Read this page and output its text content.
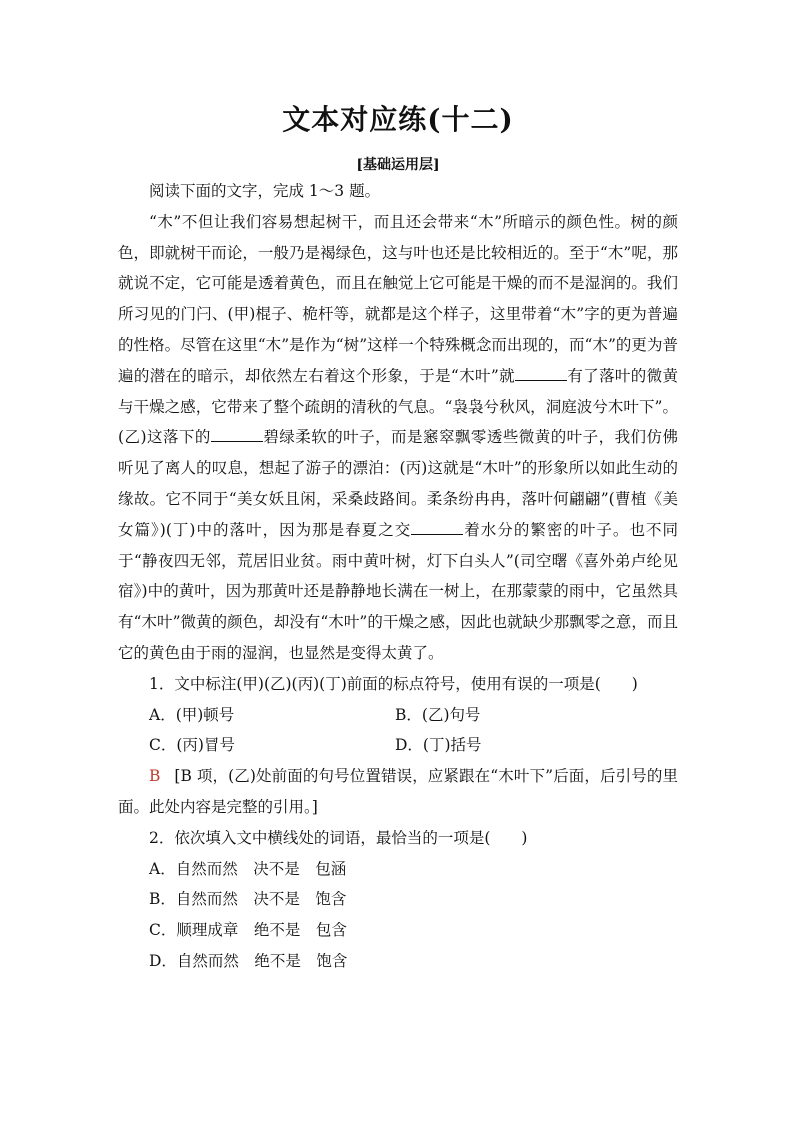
文本对应练(十二)
[基础运用层]
阅读下面的文字，完成 1～3 题。

“木”不但让我们容易想起树干，而且还会带来“木”所暗示的颜色性。树的颜色，即就树干而论，一般乃是褐绿色，这与叶也还是比较相近的。至于“木”呢，那就说不定，它可能是透着黄色，而且在触觉上它可能是干燥的而不是湿润的。我们所习见的门闩、(甲)棍子、桅杆等，就都是这个样子，这里带着“木”字的更为普遍的性格。尽管在这里“木”是作为“树”这样一个特殊概念而出现的，而“木”的更为普遍的潜在的暗示，却依然左右着这个形象，于是“木叶”就	有了落叶的微黄与干燥之感，它带来了整个疏朗的清秋的气息。“袅袅兮秋风，洞庭波兮木叶下”。(乙)这落下的	碧绿柔软的叶子，而是窸窣飘零透些微黄的叶子，我们仿佛听见了离人的叹息，想起了游子的漂泊：(丙)这就是“木叶”的形象所以如此生动的缘故。它不同于“美女妖且闲，采桑歧路间。柔条纷冉冉，落叶何翩翩”(曹植《美女篇》)(丁)中的落叶，因为那是春夏之交	着水分的繁密的叶子。也不同于“静夜四无邻，荒居旧业贫。雨中黄叶树，灯下白头人”(司空曙《喜外弟卢纶见宿》)中的黄叶，因为那黄叶还是静静地长满在一树上，在那蒙蒙的雨中，它虽然具有“木叶”微黄的颜色，却没有“木叶”的干燥之感，因此也就缺少那飘零之意，而且它的黄色由于雨的湿润，也显然是变得太黄了。

1．文中标注(甲)(乙)(丙)(丁)前面的标点符号，使用有误的一项是(　　)
A．(甲)顿号	B．(乙)句号
C．(丙)冒号	D．(丁)括号

B [B 项，(乙)处前面的句号位置错误，应紧跟在“木叶下”后面，后引号的里面。此处内容是完整的引用。]

2．依次填入文中横线处的词语，最恰当的一项是(　　)
A．自然而然　决不是　包涵
B．自然而然　决不是　饱含
C．顺理成章　绝不是　包含
D．自然而然　绝不是　饱含
